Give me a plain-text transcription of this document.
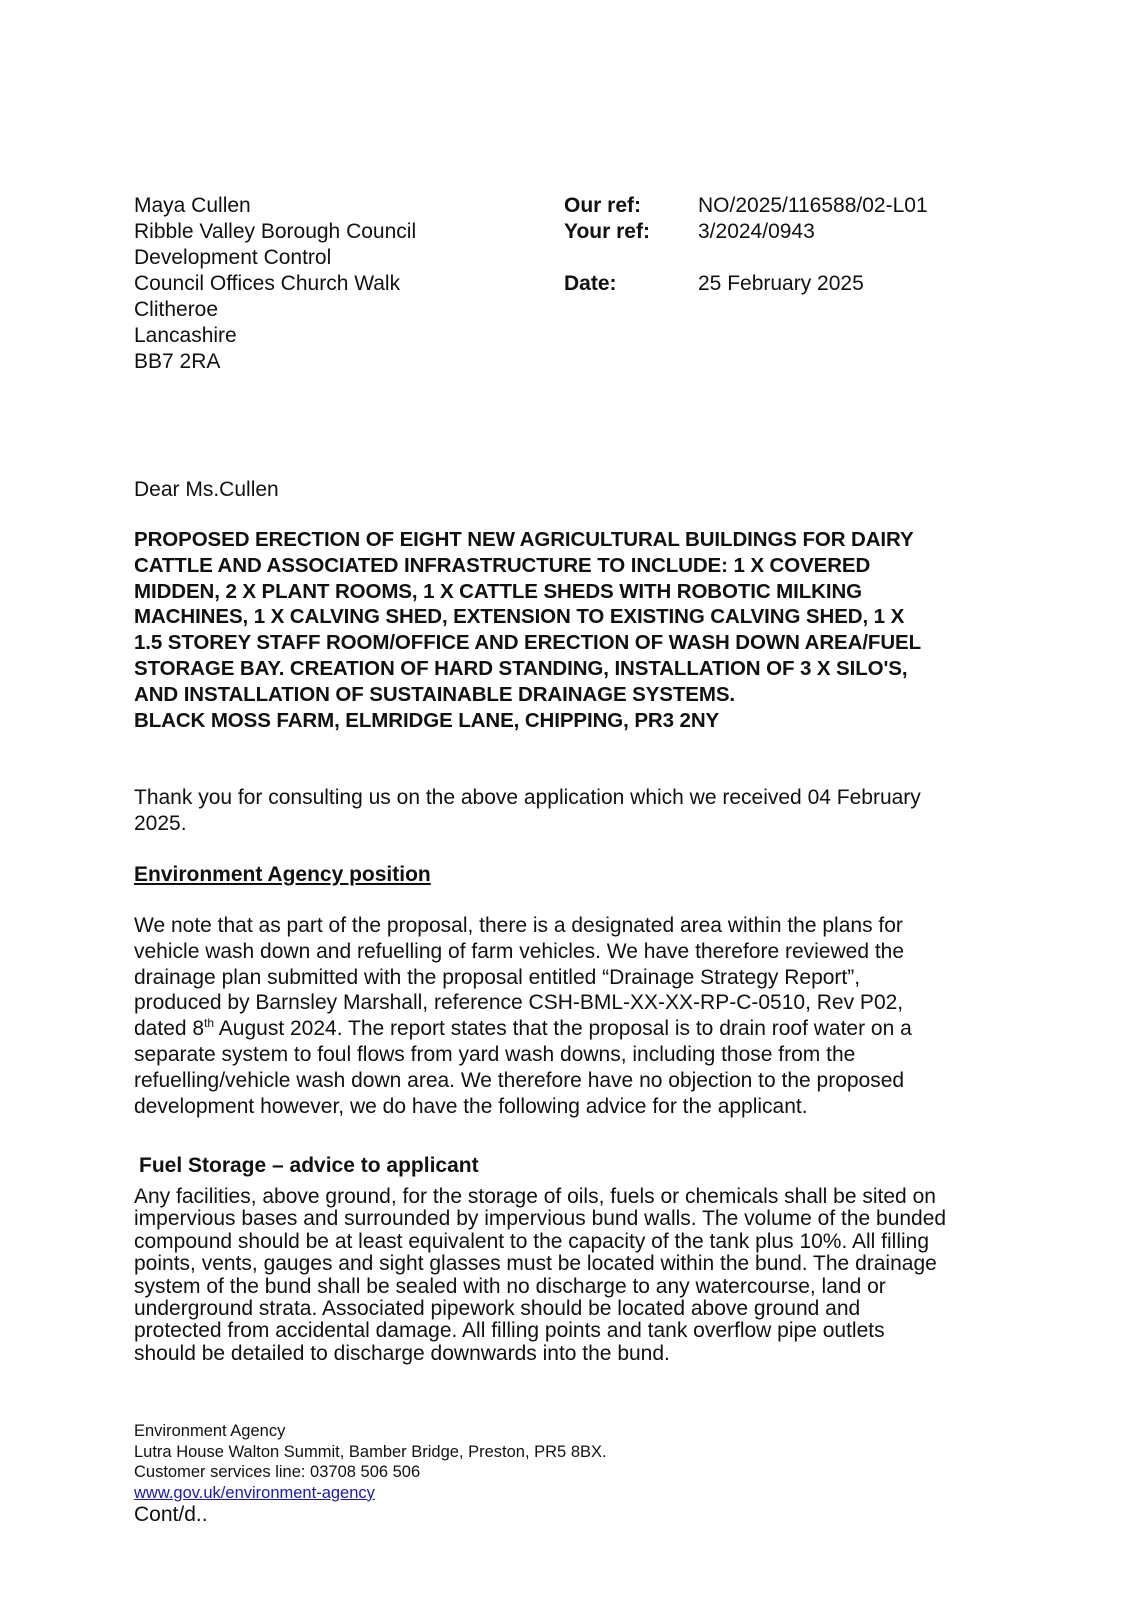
Maya Cullen
Ribble Valley Borough Council
Development Control
Council Offices Church Walk
Clitheroe
Lancashire
BB7 2RA
Our ref:	NO/2025/116588/02-L01
Your ref:	3/2024/0943
Date:	25 February 2025
Dear Ms.Cullen
PROPOSED ERECTION OF EIGHT NEW AGRICULTURAL BUILDINGS FOR DAIRY
CATTLE AND ASSOCIATED INFRASTRUCTURE TO INCLUDE: 1 X COVERED
MIDDEN, 2 X PLANT ROOMS, 1 X CATTLE SHEDS WITH ROBOTIC MILKING
MACHINES, 1 X CALVING SHED, EXTENSION TO EXISTING CALVING SHED, 1 X
1.5 STOREY STAFF ROOM/OFFICE AND ERECTION OF WASH DOWN AREA/FUEL
STORAGE BAY. CREATION OF HARD STANDING, INSTALLATION OF 3 X SILO'S,
AND INSTALLATION OF SUSTAINABLE DRAINAGE SYSTEMS.
BLACK MOSS FARM, ELMRIDGE LANE, CHIPPING, PR3 2NY
Thank you for consulting us on the above application which we received 04 February
2025.
Environment Agency position
We note that as part of the proposal, there is a designated area within the plans for
vehicle wash down and refuelling of farm vehicles. We have therefore reviewed the
drainage plan submitted with the proposal entitled “Drainage Strategy Report”,
produced by Barnsley Marshall, reference CSH-BML-XX-XX-RP-C-0510, Rev P02,
dated 8th August 2024. The report states that the proposal is to drain roof water on a
separate system to foul flows from yard wash downs, including those from the
refuelling/vehicle wash down area. We therefore have no objection to the proposed
development however, we do have the following advice for the applicant.
Fuel Storage – advice to applicant
Any facilities, above ground, for the storage of oils, fuels or chemicals shall be sited on
impervious bases and surrounded by impervious bund walls. The volume of the bunded
compound should be at least equivalent to the capacity of the tank plus 10%. All filling
points, vents, gauges and sight glasses must be located within the bund. The drainage
system of the bund shall be sealed with no discharge to any watercourse, land or
underground strata. Associated pipework should be located above ground and
protected from accidental damage. All filling points and tank overflow pipe outlets
should be detailed to discharge downwards into the bund.
Environment Agency
Lutra House Walton Summit, Bamber Bridge, Preston, PR5 8BX.
Customer services line: 03708 506 506
www.gov.uk/environment-agency
Cont/d..
